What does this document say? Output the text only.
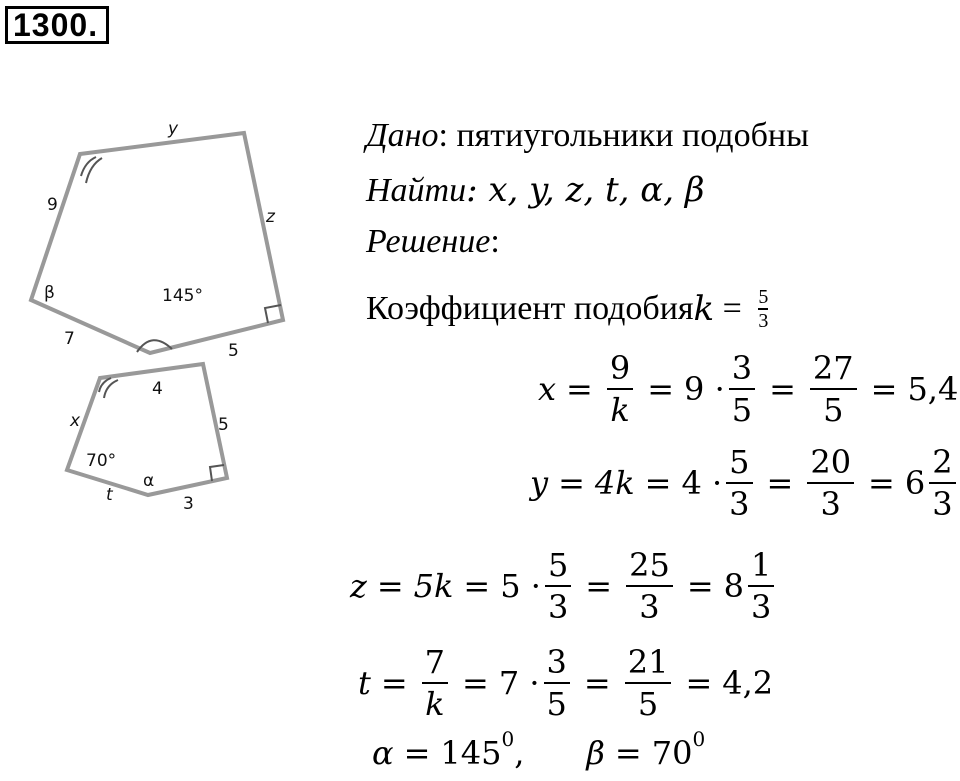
1300.
y
9
z
β	145°
7
5
4
x	5
70°
α
t	3
Дано: пятиугольники подобны
Найти: x, y, z, t, α, β
Решение:
Коэффициент подобия $k = \frac{5}{3}$
$x = \frac{9}{k} = 9 \cdot \frac{3}{5} = \frac{27}{5} = 5,4$
$y = 4k = 4 \cdot \frac{5}{3} = \frac{20}{3} = 6 \frac{2}{3}$
$z = 5k = 5 \cdot \frac{5}{3} = \frac{25}{3} = 8 \frac{1}{3}$
$t = \frac{7}{k} = 7 \cdot \frac{3}{5} = \frac{21}{5} = 4,2$
α = 145 0 , β = 70 0
